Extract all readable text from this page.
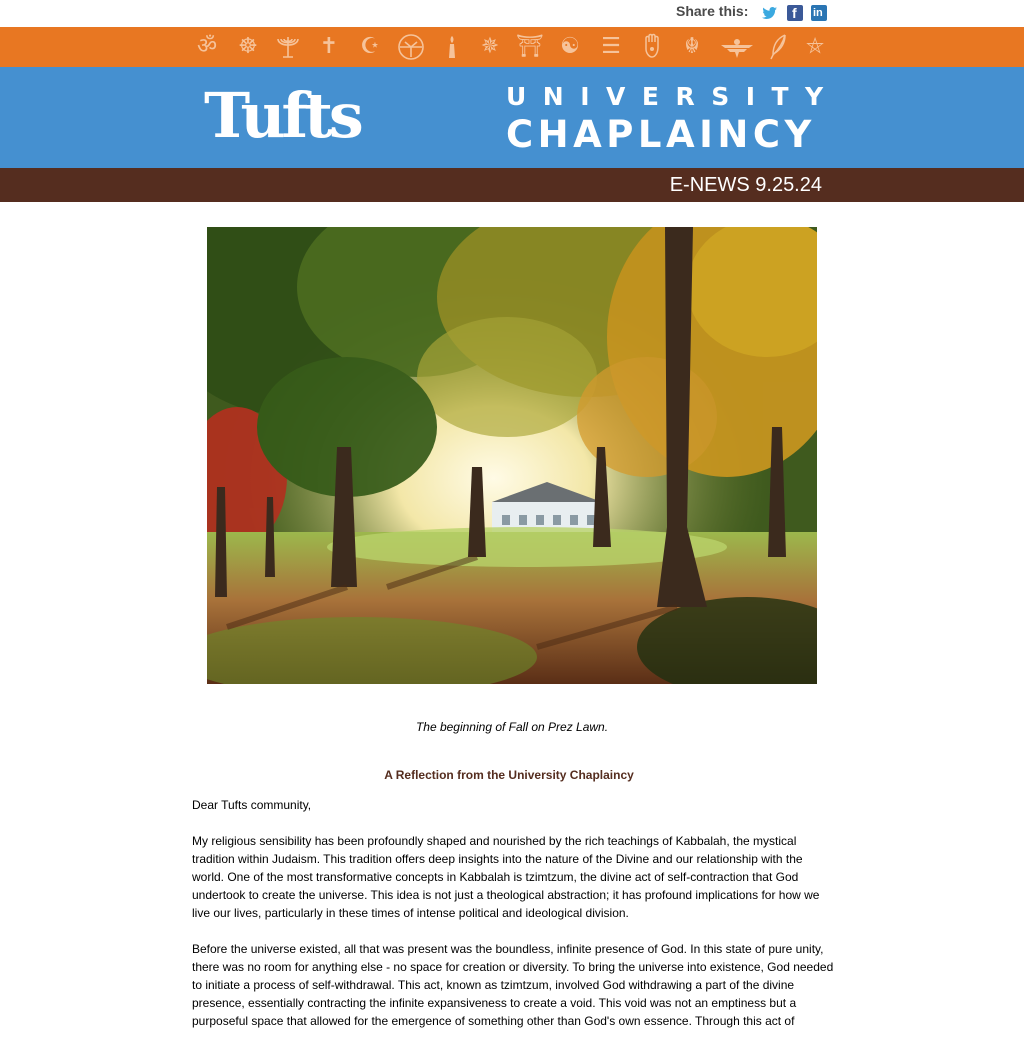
Share this:	f in
ॐ ☸	✝ ☪	✵ ⛩ ☯ ☰	☬	⛤
Tufts	UNIVERSITY
CHAPLAINCY
E-NEWS 9.25.24
The beginning of Fall on Prez Lawn.
A Reflection from the University Chaplaincy

Dear Tufts community,

My religious sensibility has been profoundly shaped and nourished by the rich teachings of Kabbalah, the mystical tradition within Judaism. This tradition offers deep insights into the nature of the Divine and our relationship with the world. One of the most transformative concepts in Kabbalah is tzimtzum, the divine act of self-contraction that God undertook to create the universe. This idea is not just a theological abstraction; it has profound implications for how we live our lives, particularly in these times of intense political and ideological division.

Before the universe existed, all that was present was the boundless, infinite presence of God. In this state of pure unity, there was no room for anything else - no space for creation or diversity. To bring the universe into existence, God needed to initiate a process of self-withdrawal. This act, known as tzimtzum, involved God withdrawing a part of the divine presence, essentially contracting the infinite expansiveness to create a void. This void was not an emptiness but a purposeful space that allowed for the emergence of something other than God's own essence. Through this act of
